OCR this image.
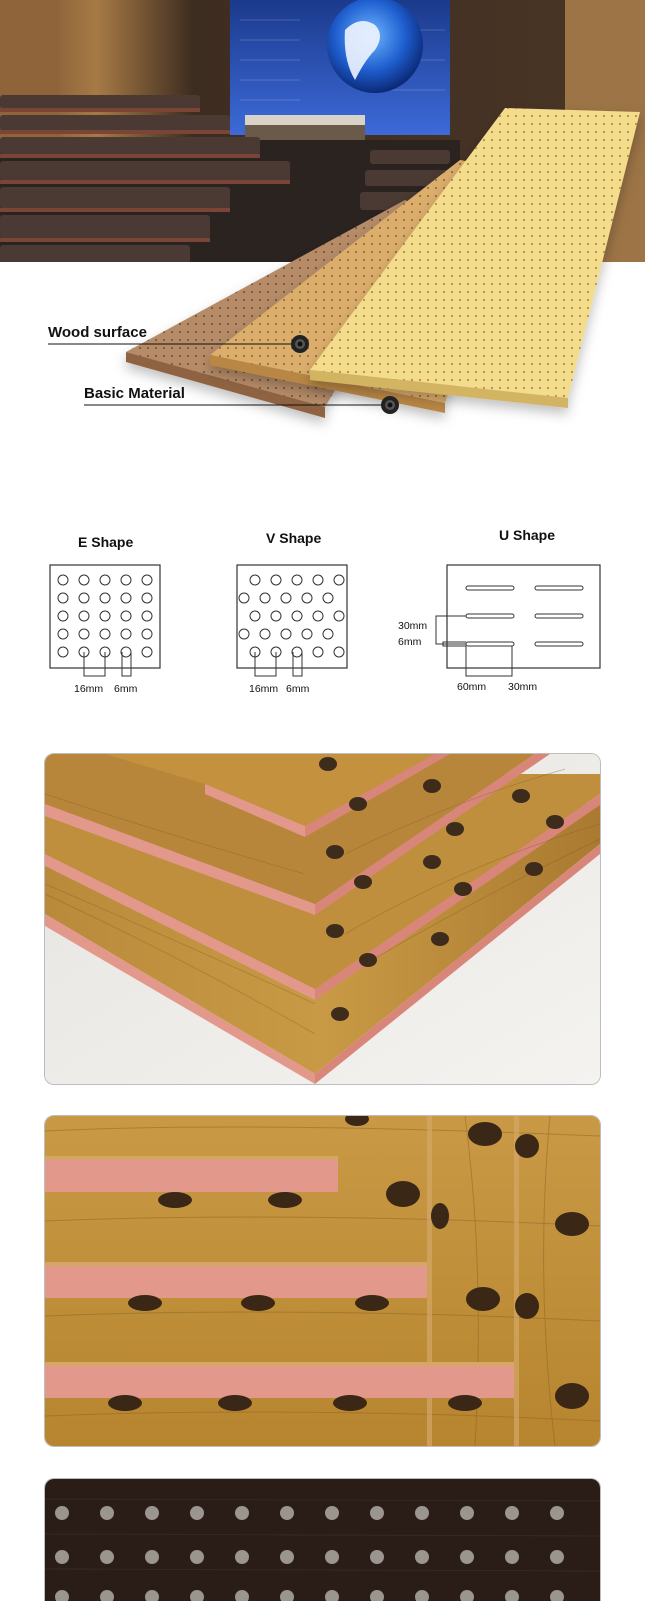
Wood surface
Basic Material
E Shape	V Shape	U Shape
16mm 6mm	16mm 6mm
30mm
6mm
60mm 30mm
